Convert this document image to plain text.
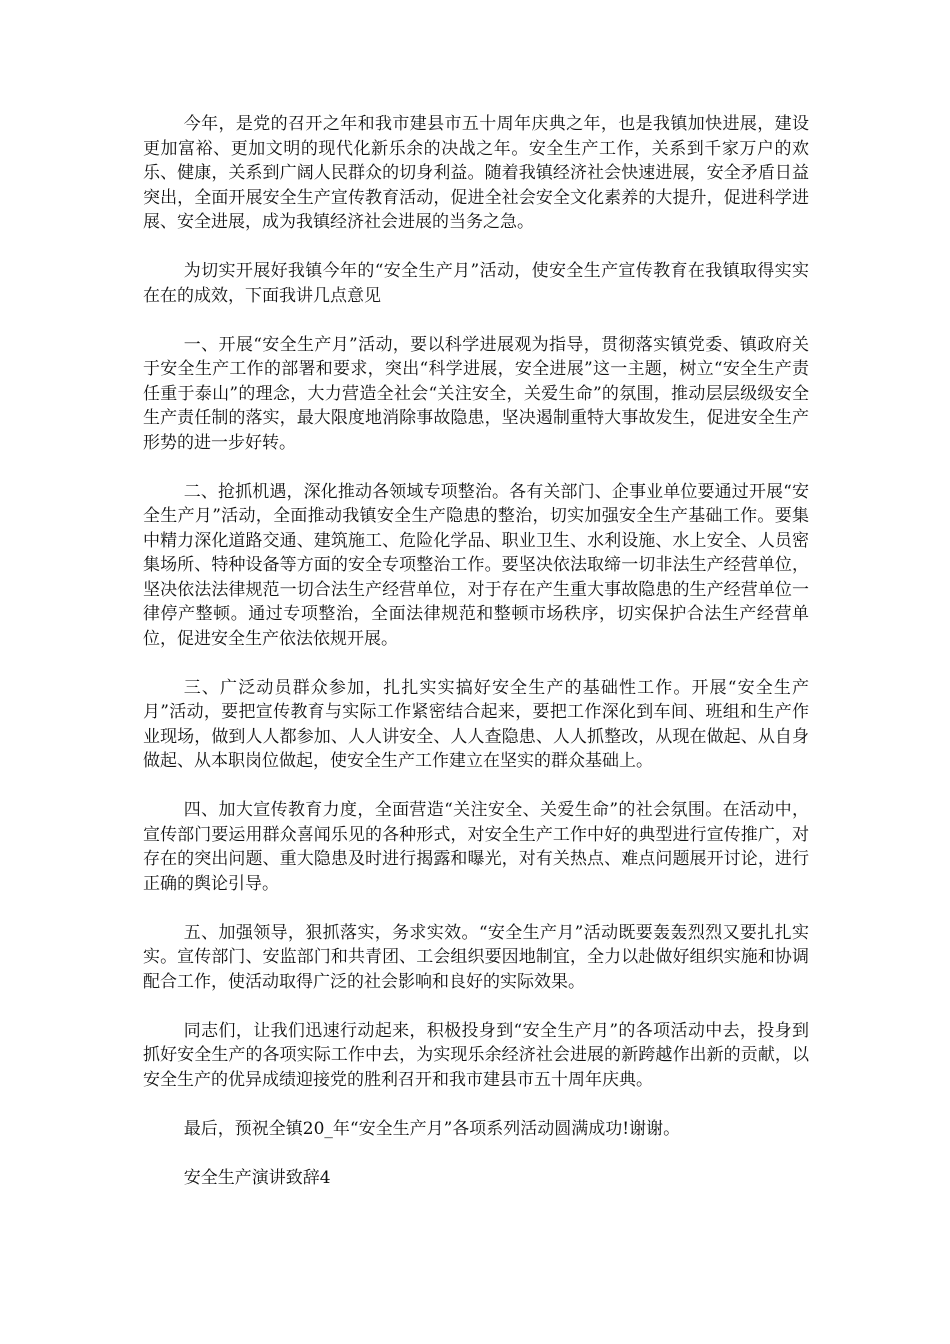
今年，是党的召开之年和我市建县市五十周年庆典之年，也是我镇加快进展，建设更加富裕、更加文明的现代化新乐余的决战之年。安全生产工作，关系到千家万户的欢乐、健康，关系到广阔人民群众的切身利益。随着我镇经济社会快速进展，安全矛盾日益突出，全面开展安全生产宣传教育活动，促进全社会安全文化素养的大提升，促进科学进展、安全进展，成为我镇经济社会进展的当务之急。

为切实开展好我镇今年的“安全生产月”活动，使安全生产宣传教育在我镇取得实实在在的成效，下面我讲几点意见

一、开展“安全生产月”活动，要以科学进展观为指导，贯彻落实镇党委、镇政府关于安全生产工作的部署和要求，突出“科学进展，安全进展”这一主题，树立“安全生产责任重于泰山”的理念，大力营造全社会“关注安全，关爱生命”的氛围，推动层层级级安全生产责任制的落实，最大限度地消除事故隐患，坚决遏制重特大事故发生，促进安全生产形势的进一步好转。

二、抢抓机遇，深化推动各领域专项整治。各有关部门、企事业单位要通过开展“安全生产月”活动，全面推动我镇安全生产隐患的整治，切实加强安全生产基础工作。要集中精力深化道路交通、建筑施工、危险化学品、职业卫生、水利设施、水上安全、人员密集场所、特种设备等方面的安全专项整治工作。要坚决依法取缔一切非法生产经营单位，坚决依法法律规范一切合法生产经营单位，对于存在产生重大事故隐患的生产经营单位一律停产整顿。通过专项整治，全面法律规范和整顿市场秩序，切实保护合法生产经营单位，促进安全生产依法依规开展。

三、广泛动员群众参加，扎扎实实搞好安全生产的基础性工作。开展“安全生产月”活动，要把宣传教育与实际工作紧密结合起来，要把工作深化到车间、班组和生产作业现场，做到人人都参加、人人讲安全、人人查隐患、人人抓整改，从现在做起、从自身做起、从本职岗位做起，使安全生产工作建立在坚实的群众基础上。

四、加大宣传教育力度，全面营造“关注安全、关爱生命”的社会氛围。在活动中，宣传部门要运用群众喜闻乐见的各种形式，对安全生产工作中好的典型进行宣传推广，对存在的突出问题、重大隐患及时进行揭露和曝光，对有关热点、难点问题展开讨论，进行正确的舆论引导。

五、加强领导，狠抓落实，务求实效。“安全生产月”活动既要轰轰烈烈又要扎扎实实。宣传部门、安监部门和共青团、工会组织要因地制宜，全力以赴做好组织实施和协调配合工作，使活动取得广泛的社会影响和良好的实际效果。

同志们，让我们迅速行动起来，积极投身到“安全生产月”的各项活动中去，投身到抓好安全生产的各项实际工作中去，为实现乐余经济社会进展的新跨越作出新的贡献，以安全生产的优异成绩迎接党的胜利召开和我市建县市五十周年庆典。

最后，预祝全镇20_年“安全生产月”各项系列活动圆满成功!谢谢。

安全生产演讲致辞4
